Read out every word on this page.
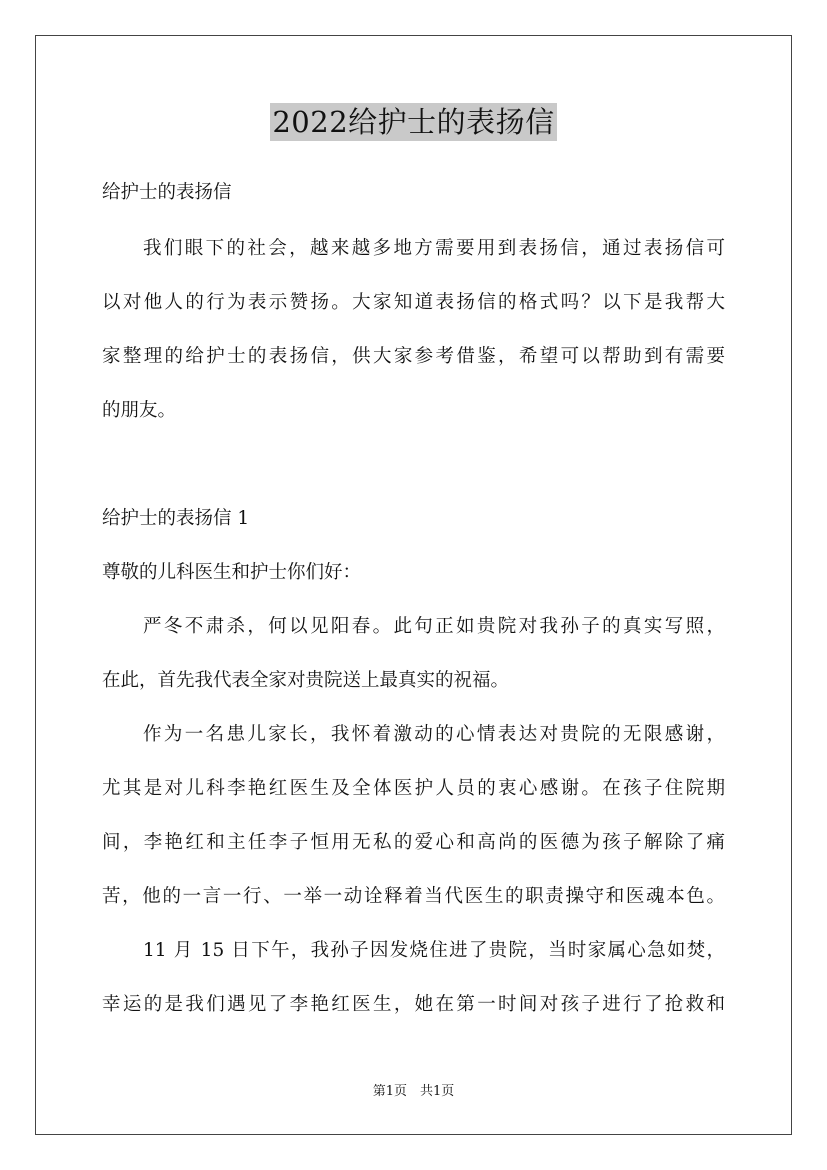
2022给护士的表扬信
给护士的表扬信
我们眼下的社会，越来越多地方需要用到表扬信，通过表扬信可
以对他人的行为表示赞扬。大家知道表扬信的格式吗？以下是我帮大
家整理的给护士的表扬信，供大家参考借鉴，希望可以帮助到有需要
的朋友。
给护士的表扬信 1
尊敬的儿科医生和护士你们好：
严冬不肃杀，何以见阳春。此句正如贵院对我孙子的真实写照，
在此，首先我代表全家对贵院送上最真实的祝福。
作为一名患儿家长，我怀着激动的心情表达对贵院的无限感谢，
尤其是对儿科李艳红医生及全体医护人员的衷心感谢。在孩子住院期
间，李艳红和主任李子恒用无私的爱心和高尚的医德为孩子解除了痛
苦，他的一言一行、一举一动诠释着当代医生的职责操守和医魂本色。
11 月 15 日下午，我孙子因发烧住进了贵院，当时家属心急如焚，
幸运的是我们遇见了李艳红医生，她在第一时间对孩子进行了抢救和
第1页　共1页
